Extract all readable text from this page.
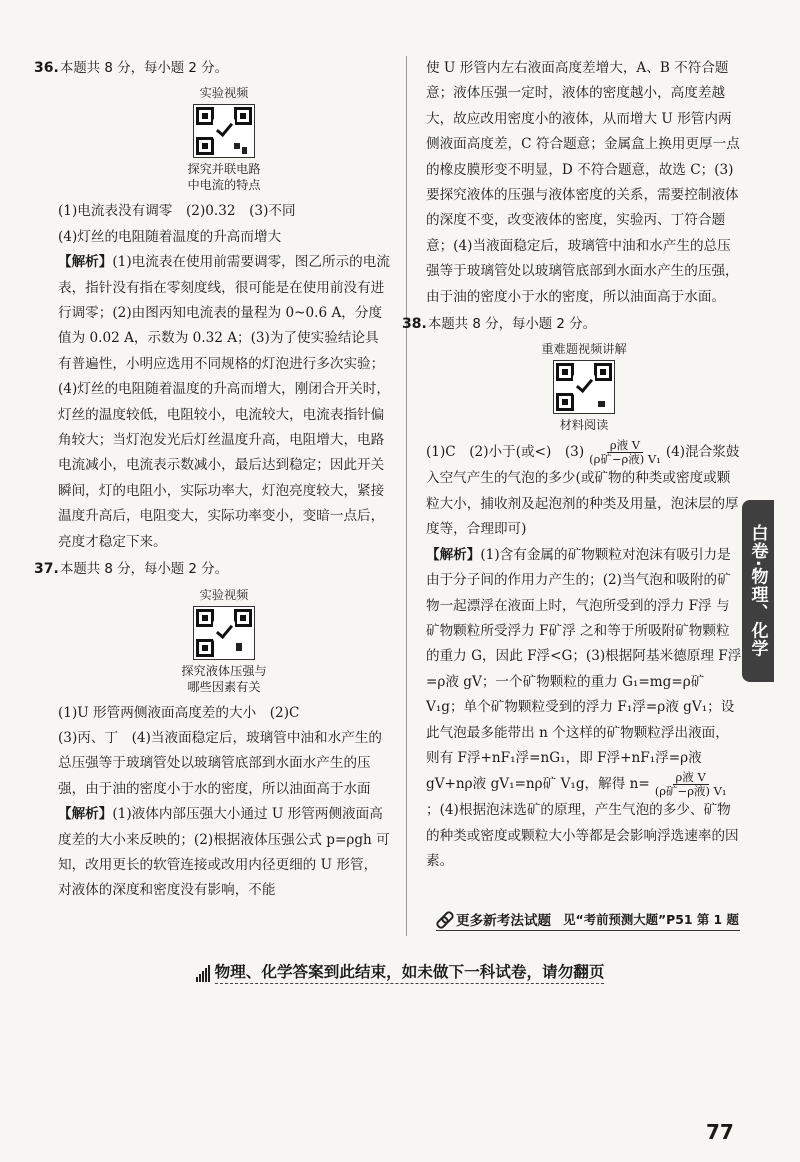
36. 本题共 8 分，每小题 2 分。
实验视频
探究并联电路
中电流的特点

(1)电流表没有调零　(2)0.32　(3)不同

(4)灯丝的电阻随着温度的升高而增大

【解析】(1)电流表在使用前需要调零，图乙所示的电流表，指针没有指在零刻度线，很可能是在使用前没有进行调零；(2)由图丙知电流表的量程为 0~0.6 A，分度值为 0.02 A，示数为 0.32 A；(3)为了使实验结论具有普遍性，小明应选用不同规格的灯泡进行多次实验；(4)灯丝的电阻随着温度的升高而增大，刚闭合开关时，灯丝的温度较低，电阻较小，电流较大，电流表指针偏角较大；当灯泡发光后灯丝温度升高，电阻增大，电路电流减小，电流表示数减小，最后达到稳定；因此开关瞬间，灯的电阻小，实际功率大，灯泡亮度较大，紧接温度升高后，电阻变大，实际功率变小，变暗一点后，亮度才稳定下来。

37. 本题共 8 分，每小题 2 分。
实验视频
探究液体压强与
哪些因素有关

(1)U 形管两侧液面高度差的大小　(2)C

(3)丙、丁　(4)当液面稳定后，玻璃管中油和水产生的总压强等于玻璃管处以玻璃管底部到水面水产生的压强，由于油的密度小于水的密度，所以油面高于水面

【解析】(1)液体内部压强大小通过 U 形管两侧液面高度差的大小来反映的；(2)根据液体压强公式 p=ρgh 可知，改用更长的软管连接或改用内径更细的 U 形管，对液体的深度和密度没有影响，不能

使 U 形管内左右液面高度差增大，A、B 不符合题意；液体压强一定时，液体的密度越小，高度差越大，故应改用密度小的液体，从而增大 U 形管内两侧液面高度差，C 符合题意；金属盒上换用更厚一点的橡皮膜形变不明显，D 不符合题意，故选 C；(3)要探究液体的压强与液体密度的关系，需要控制液体的深度不变，改变液体的密度，实验丙、丁符合题意；(4)当液面稳定后，玻璃管中油和水产生的总压强等于玻璃管处以玻璃管底部到水面水产生的压强，由于油的密度小于水的密度，所以油面高于水面。

38. 本题共 8 分，每小题 2 分。
重难题视频讲解
材料阅读

(1)C　(2)小于(或<)　$(3) \frac{\text{ρ液 V}}{\text{(ρ矿−ρ液) V₁}} (4)$混合浆鼓入空气产生的气泡的多少(或矿物的种类或密度或颗粒大小，捕收剂及起泡剂的种类及用量，泡沫层的厚度等，合理即可)

【解析】(1)含有金属的矿物颗粒对泡沫有吸引力是由于分子间的作用力产生的；(2)当气泡和吸附的矿物一起漂浮在液面上时，气泡所受到的浮力 F浮 与矿物颗粒所受浮力 F矿浮 之和等于所吸附矿物颗粒的重力 G，因此 F浮<G；(3)根据阿基米德原理 F浮=ρ液 gV；一个矿物颗粒的重力 G₁=mg=ρ矿 V₁g；单个矿物颗粒受到的浮力 F₁浮=ρ液 gV₁；设此气泡最多能带出 n 个这样的矿物颗粒浮出液面，则有 F浮+nF₁浮=nG₁，即 F浮+nF₁浮=ρ液 gV+nρ液 gV₁=nρ矿 V₁g，解得 $n= \frac{\text{ρ液 V}}{\text{(ρ矿−ρ液) V₁}}$
；(4)根据泡沫选矿的原理，产生气泡的多少、矿物的种类或密度或颗粒大小等都是会影响浮选速率的因素。

更多新考法试题 见“考前预测大题”P51 第 1 题
物理、化学答案到此结束，如未做下一科试卷，请勿翻页
白卷·物理、化学
77
